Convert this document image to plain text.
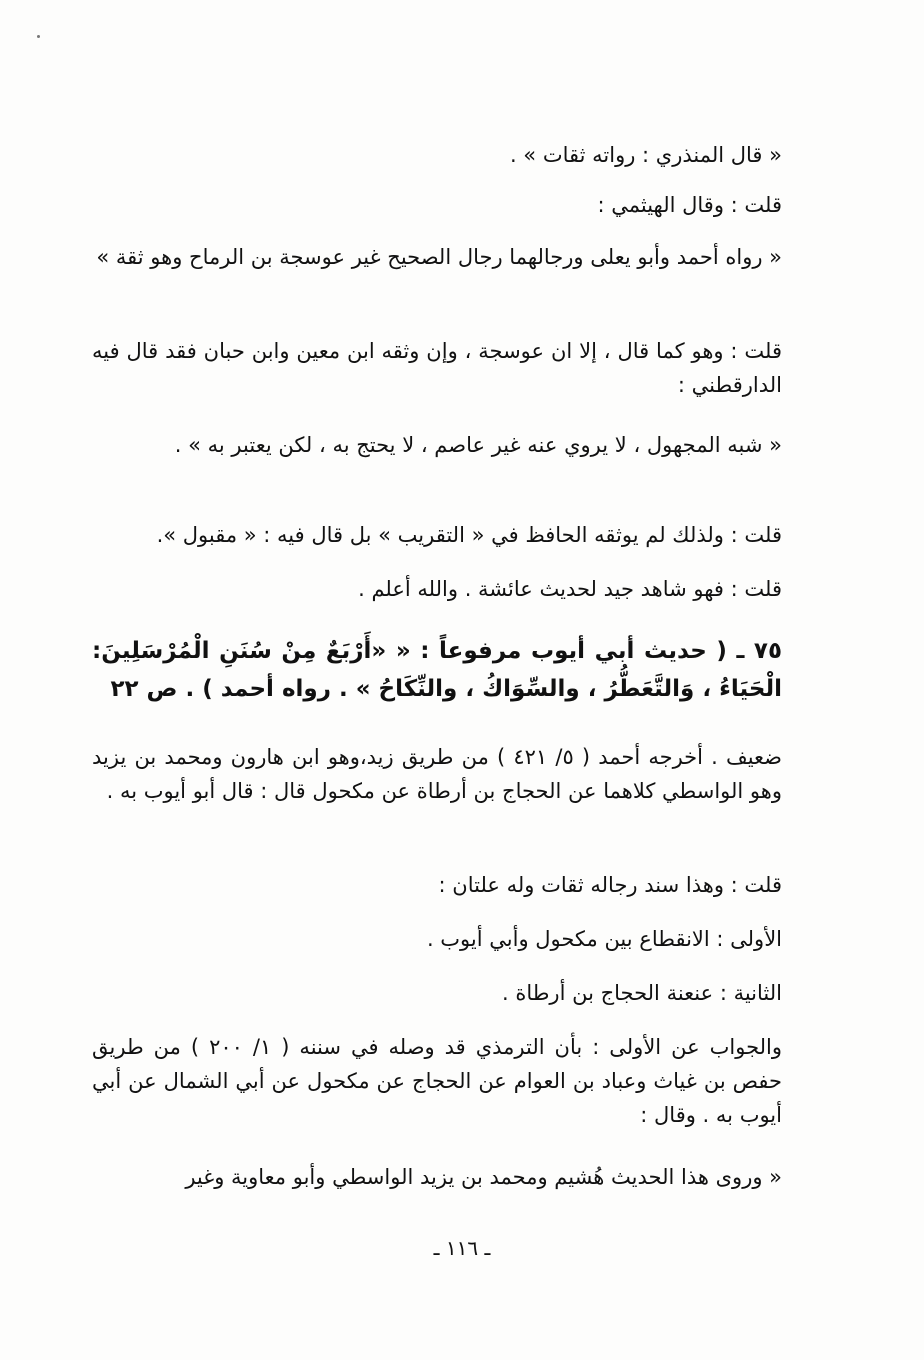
« قال المنذري : رواته ثقات » .

قلت : وقال الهيثمي :

« رواه أحمد وأبو يعلى ورجالهما رجال الصحيح غير عوسجة بن الرماح وهو ثقة »

قلت : وهو كما قال ، إلا ان عوسجة ، وإن وثقه ابن معين وابن حبان فقد قال فيه الدارقطني :

« شبه المجهول ، لا يروي عنه غير عاصم ، لا يحتج به ، لكن يعتبر به » .

قلت : ولذلك لم يوثقه الحافظ في « التقريب » بل قال فيه : « مقبول ».

قلت : فهو شاهد جيد لحديث عائشة . والله أعلم .

٧٥ ـ ( حديث أبي أيوب مرفوعاً : « «أَرْبَعٌ مِنْ سُنَنِ الْمُرْسَلِينَ: الْحَيَاءُ ، وَالتَّعَطُّرُ ، والسِّوَاكُ ، والنِّكَاحُ » . رواه أحمد ) . ص ٢٢

ضعيف . أخرجه أحمد ( ٥/ ٤٢١ ) من طريق زيد،وهو ابن هارون ومحمد بن يزيد وهو الواسطي كلاهما عن الحجاج بن أرطاة عن مكحول قال : قال أبو أيوب به .

قلت : وهذا سند رجاله ثقات وله علتان :

الأولى : الانقطاع بين مكحول وأبي أيوب .

الثانية : عنعنة الحجاج بن أرطاة .

والجواب عن الأولى : بأن الترمذي قد وصله في سننه ( ١/ ٢٠٠ ) من طريق حفص بن غياث وعباد بن العوام عن الحجاج عن مكحول عن أبي الشمال عن أبي أيوب به . وقال :

« وروى هذا الحديث هُشيم ومحمد بن يزيد الواسطي وأبو معاوية وغير

ـ ١١٦ ـ
